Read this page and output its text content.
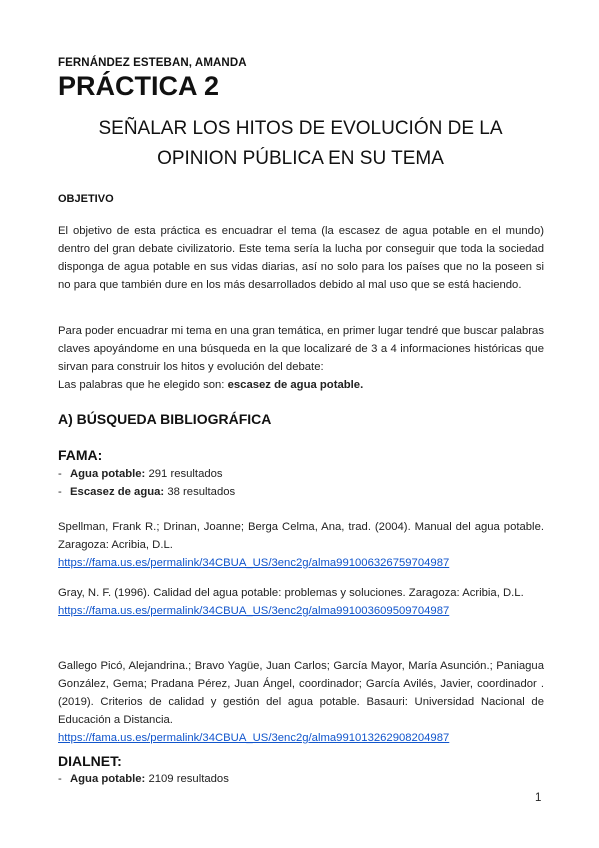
FERNÁNDEZ ESTEBAN, AMANDA
PRÁCTICA 2
SEÑALAR LOS HITOS DE EVOLUCIÓN DE LA
OPINION PÚBLICA EN SU TEMA
OBJETIVO
El objetivo de esta práctica es encuadrar el tema (la escasez de agua potable en el mundo) dentro del gran debate civilizatorio. Este tema sería la lucha por conseguir que toda la sociedad disponga de agua potable en sus vidas diarias, así no solo para los países que no la poseen si no para que también dure en los más desarrollados debido al mal uso que se está haciendo.
Para poder encuadrar mi tema en una gran temática, en primer lugar tendré que buscar palabras claves apoyándome en una búsqueda en la que localizaré de 3 a 4 informaciones históricas que sirvan para construir los hitos y evolución del debate:
Las palabras que he elegido son: escasez de agua potable.
A) BÚSQUEDA BIBLIOGRÁFICA
FAMA:
- Agua potable: 291 resultados
- Escasez de agua: 38 resultados
Spellman, Frank R.; Drinan, Joanne; Berga Celma, Ana, trad. (2004). Manual del agua potable. Zaragoza: Acribia, D.L.
https://fama.us.es/permalink/34CBUA_US/3enc2g/alma991006326759704987
Gray, N. F. (1996). Calidad del agua potable: problemas y soluciones. Zaragoza: Acribia, D.L.
https://fama.us.es/permalink/34CBUA_US/3enc2g/alma991003609509704987
Gallego Picó, Alejandrina.; Bravo Yagüe, Juan Carlos; García Mayor, María Asunción.; Paniagua González, Gema; Pradana Pérez, Juan Ángel, coordinador; García Avilés, Javier, coordinador . (2019). Criterios de calidad y gestión del agua potable. Basauri: Universidad Nacional de Educación a Distancia.
https://fama.us.es/permalink/34CBUA_US/3enc2g/alma991013262908204987
DIALNET:
- Agua potable: 2109 resultados
1
